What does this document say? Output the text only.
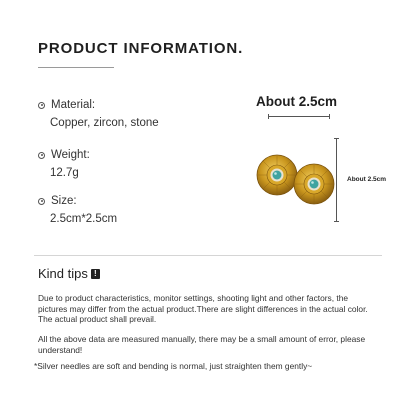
PRODUCT INFORMATION.
Material:
Copper, zircon, stone
Weight:
12.7g
Size:
2.5cm*2.5cm
About 2.5cm
About 2.5cm
Kind tips !
Due to product characteristics, monitor settings, shooting light and other factors, the pictures may differ from the actual product.There are slight differences in the actual color. The actual product shall prevail.
All the above data are measured manually, there may be a small amount of error, please understand!
*Silver needles are soft and bending is normal, just straighten them gently~
